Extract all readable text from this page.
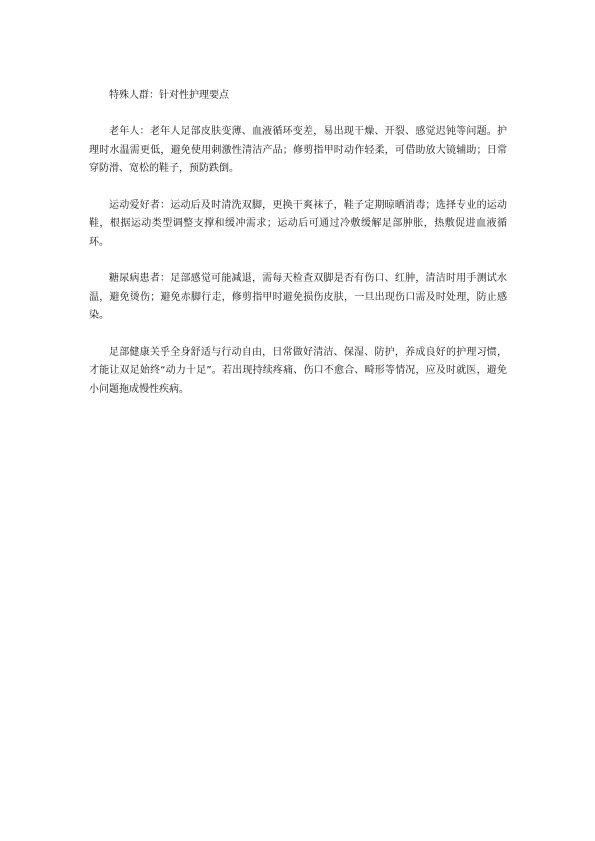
特殊人群：针对性护理要点

老年人：老年人足部皮肤变薄、血液循环变差，易出现干燥、开裂、感觉迟钝等问题。护理时水温需更低，避免使用刺激性清洁产品；修剪指甲时动作轻柔，可借助放大镜辅助；日常穿防滑、宽松的鞋子，预防跌倒。

运动爱好者：运动后及时清洗双脚，更换干爽袜子，鞋子定期晾晒消毒；选择专业的运动鞋，根据运动类型调整支撑和缓冲需求；运动后可通过冷敷缓解足部肿胀，热敷促进血液循环。

糖尿病患者：足部感觉可能减退，需每天检查双脚是否有伤口、红肿，清洁时用手测试水温，避免烫伤；避免赤脚行走，修剪指甲时避免损伤皮肤，一旦出现伤口需及时处理，防止感染。

足部健康关乎全身舒适与行动自由，日常做好清洁、保湿、防护，养成良好的护理习惯，才能让双足始终“动力十足”。若出现持续疼痛、伤口不愈合、畸形等情况，应及时就医，避免小问题拖成慢性疾病。
